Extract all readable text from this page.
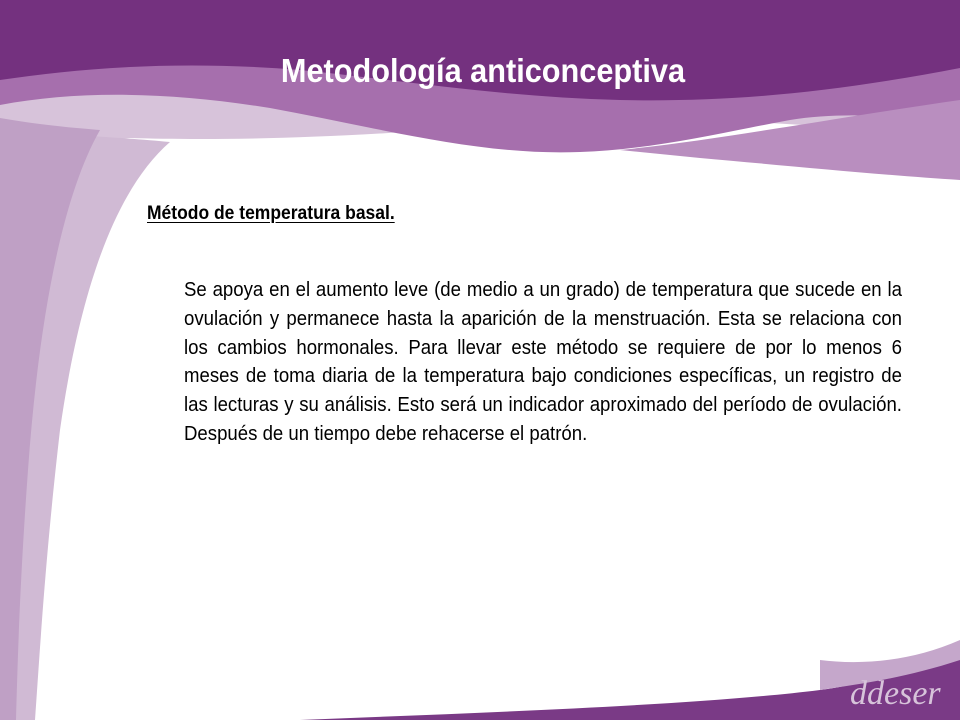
Metodología anticonceptiva
Método de temperatura basal.
Se apoya en el aumento leve (de medio a un grado) de temperatura que sucede en la ovulación y permanece hasta la aparición de la menstruación. Esta se relaciona con los cambios hormonales. Para llevar este método se requiere de por lo menos 6 meses de toma diaria de la temperatura bajo condiciones específicas, un registro de las lecturas y su análisis. Esto será un indicador aproximado del período de ovulación. Después de un tiempo debe rehacerse el patrón.
Metodología anticonceptiva	ddeser
